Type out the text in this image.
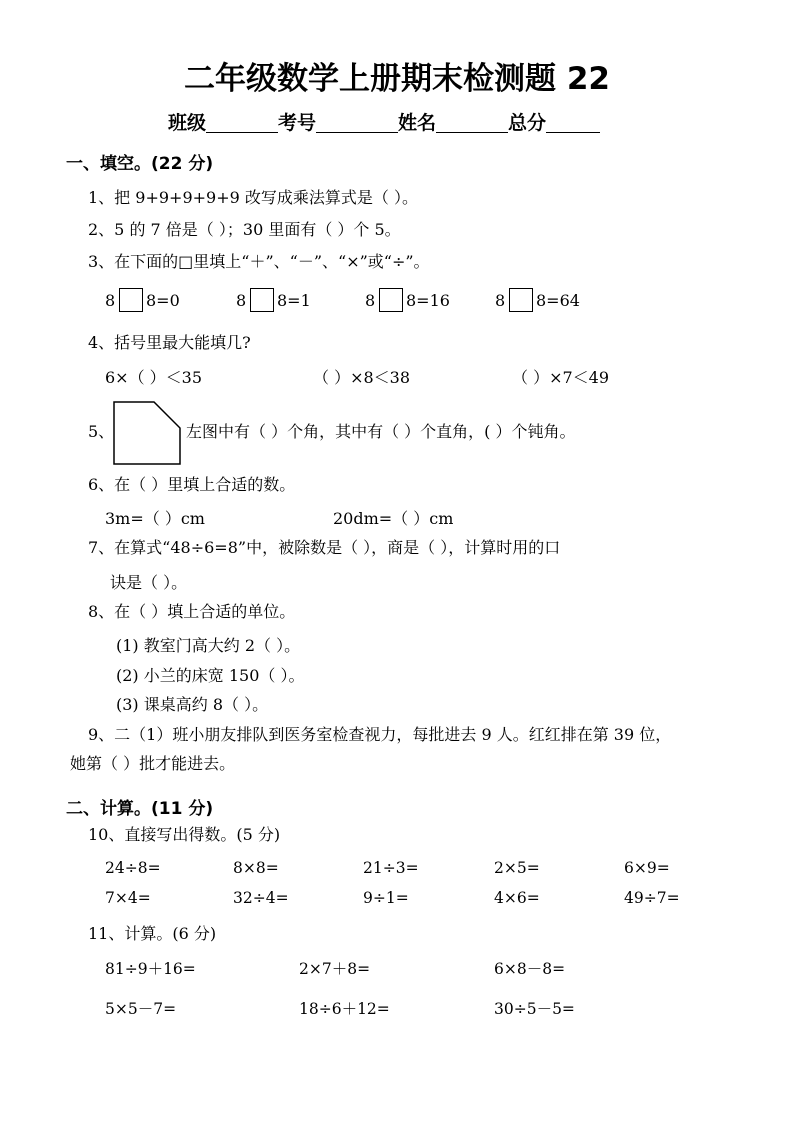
二年级数学上册期末检测题 22
班级	考号	姓名	总分
一、填空。(22 分)
1、把 9+9+9+9+9 改写成乘法算式是（ ）。
2、5 的 7 倍是（ ）；30 里面有（ ）个 5。
3、在下面的□里填上“＋”、“－”、“×”或“÷”。
8 8=0	8 8=1	8 8=16	8 8=64
4、括号里最大能填几?
6×（ ）＜35	（ ）×8＜38	（ ）×7＜49
5、	左图中有（ ）个角，其中有（ ）个直角，( ）个钝角。
6、在（ ）里填上合适的数。
3m=（ ）cm	20dm=（ ）cm
7、在算式“48÷6=8”中，被除数是（ ），商是（ ），计算时用的口
诀是（ ）。
8、在（ ）填上合适的单位。
(1) 教室门高大约 2（ ）。
(2) 小兰的床宽 150（ ）。
(3) 课桌高约 8（ ）。
9、二（1）班小朋友排队到医务室检查视力，每批进去 9 人。红红排在第 39 位，
她第（ ）批才能进去。
二、计算。(11 分)
10、直接写出得数。(5 分)
24÷8=	8×8=	21÷3=	2×5=	6×9=
7×4=	32÷4=	9÷1=	4×6=	49÷7=
11、计算。(6 分)
81÷9＋16=	2×7＋8=	6×8－8=
5×5－7=	18÷6＋12=	30÷5－5=
